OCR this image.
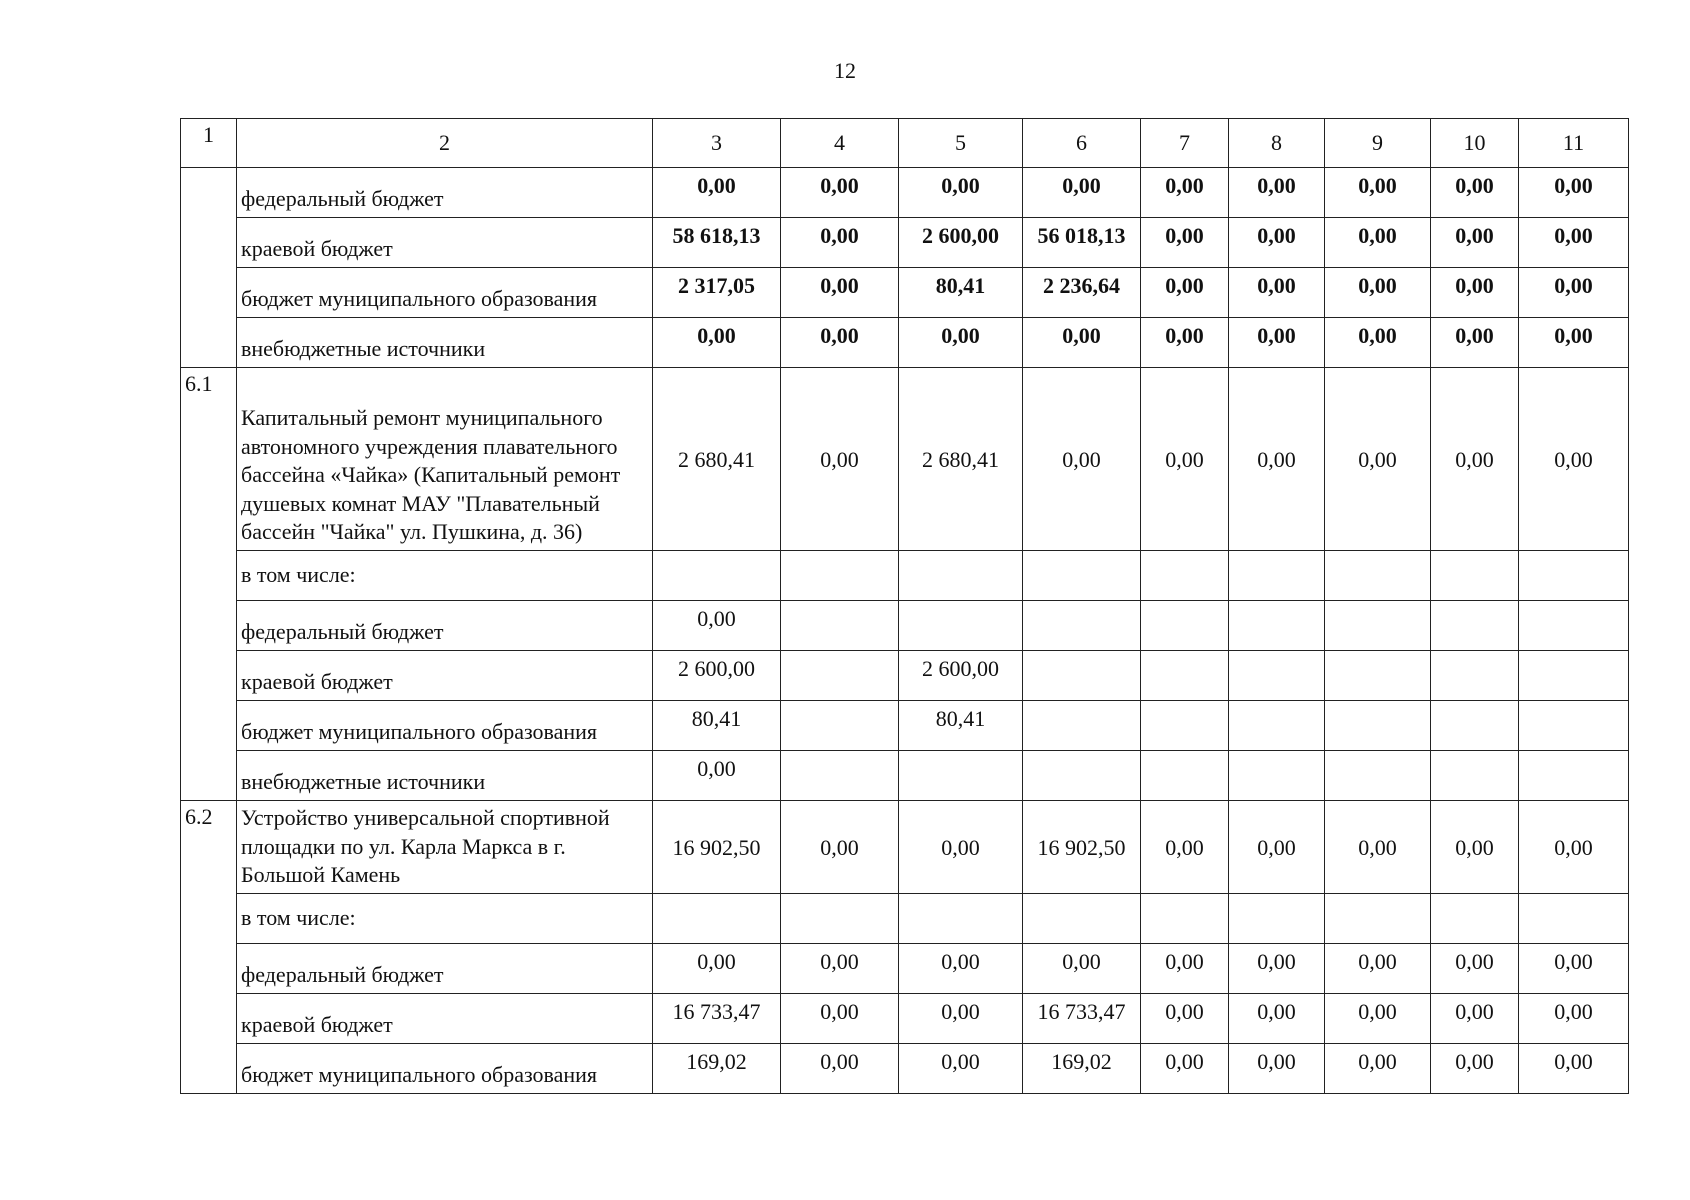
12
1	2	3	4	5	6	7	8	9	10	11
	федеральный бюджет	0,00	0,00	0,00	0,00	0,00	0,00	0,00	0,00	0,00
	краевой бюджет	58 618,13	0,00	2 600,00	56 018,13	0,00	0,00	0,00	0,00	0,00
	бюджет муниципального образования	2 317,05	0,00	80,41	2 236,64	0,00	0,00	0,00	0,00	0,00
	внебюджетные источники	0,00	0,00	0,00	0,00	0,00	0,00	0,00	0,00	0,00
6.1	Капитальный ремонт муниципального автономного учреждения плавательного бассейна «Чайка» (Капитальный ремонт душевых комнат МАУ "Плавательный бассейн "Чайка" ул. Пушкина, д. 36)	2 680,41	0,00	2 680,41	0,00	0,00	0,00	0,00	0,00	0,00
	в том числе:									
	федеральный бюджет	0,00								
	краевой бюджет	2 600,00		2 600,00						
	бюджет муниципального образования	80,41		80,41						
	внебюджетные источники	0,00								
6.2	Устройство универсальной спортивной площадки по ул. Карла Маркса в г. Большой Камень	16 902,50	0,00	0,00	16 902,50	0,00	0,00	0,00	0,00	0,00
	в том числе:									
	федеральный бюджет	0,00	0,00	0,00	0,00	0,00	0,00	0,00	0,00	0,00
	краевой бюджет	16 733,47	0,00	0,00	16 733,47	0,00	0,00	0,00	0,00	0,00
	бюджет муниципального образования	169,02	0,00	0,00	169,02	0,00	0,00	0,00	0,00	0,00
